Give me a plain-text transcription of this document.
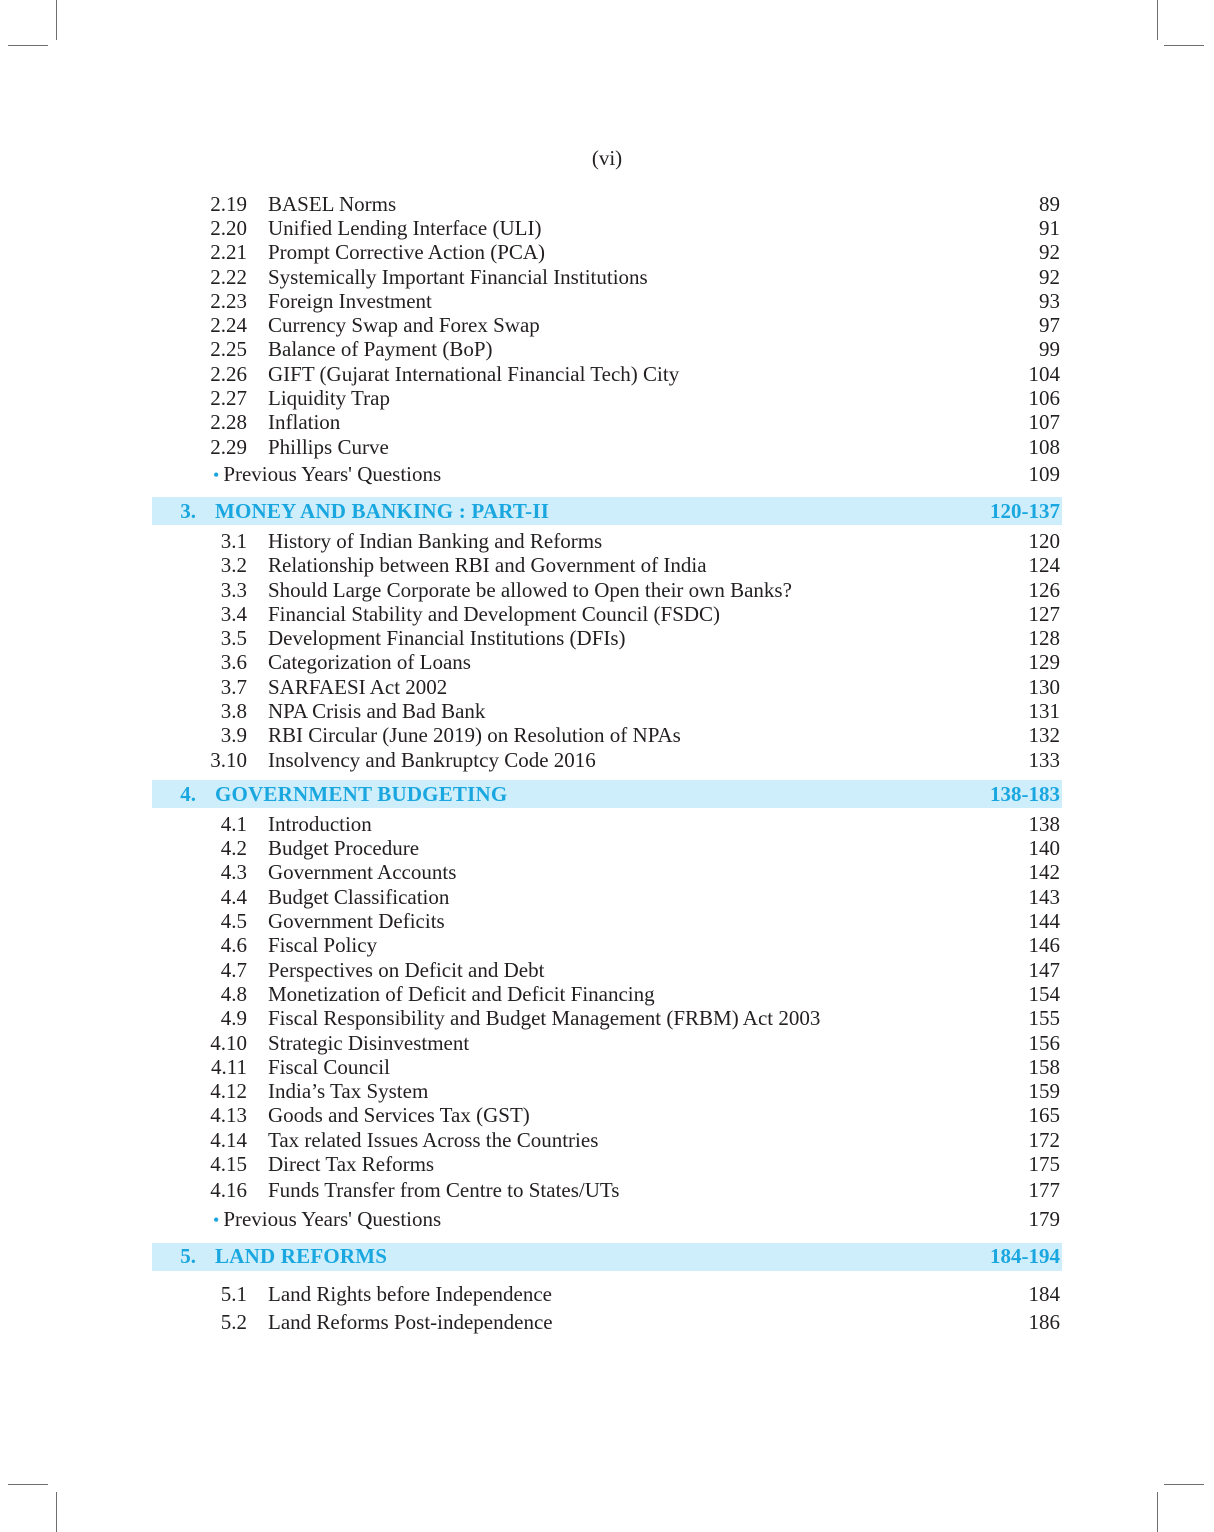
(vi)
2.19	BASEL Norms	89
2.20	Unified Lending Interface (ULI)	91
2.21	Prompt Corrective Action (PCA)	92
2.22	Systemically Important Financial Institutions	92
2.23	Foreign Investment	93
2.24	Currency Swap and Forex Swap	97
2.25	Balance of Payment (BoP)	99
2.26	GIFT (Gujarat International Financial Tech) City	104
2.27	Liquidity Trap	106
2.28	Inflation	107
2.29	Phillips Curve	108
• Previous Years' Questions	109
3. MONEY AND BANKING : PART-II	120-137
3.1	History of Indian Banking and Reforms	120
3.2	Relationship between RBI and Government of India	124
3.3	Should Large Corporate be allowed to Open their own Banks?	126
3.4	Financial Stability and Development Council (FSDC)	127
3.5	Development Financial Institutions (DFIs)	128
3.6	Categorization of Loans	129
3.7	SARFAESI Act 2002	130
3.8	NPA Crisis and Bad Bank	131
3.9	RBI Circular (June 2019) on Resolution of NPAs	132
3.10	Insolvency and Bankruptcy Code 2016	133
4. GOVERNMENT BUDGETING	138-183
4.1	Introduction	138
4.2	Budget Procedure	140
4.3	Government Accounts	142
4.4	Budget Classification	143
4.5	Government Deficits	144
4.6	Fiscal Policy	146
4.7	Perspectives on Deficit and Debt	147
4.8	Monetization of Deficit and Deficit Financing	154
4.9	Fiscal Responsibility and Budget Management (FRBM) Act 2003	155
4.10	Strategic Disinvestment	156
4.11	Fiscal Council	158
4.12	India’s Tax System	159
4.13	Goods and Services Tax (GST)	165
4.14	Tax related Issues Across the Countries	172
4.15	Direct Tax Reforms	175
4.16	Funds Transfer from Centre to States/UTs	177
• Previous Years' Questions	179
5. LAND REFORMS	184-194
5.1	Land Rights before Independence	184
5.2	Land Reforms Post-independence	186
